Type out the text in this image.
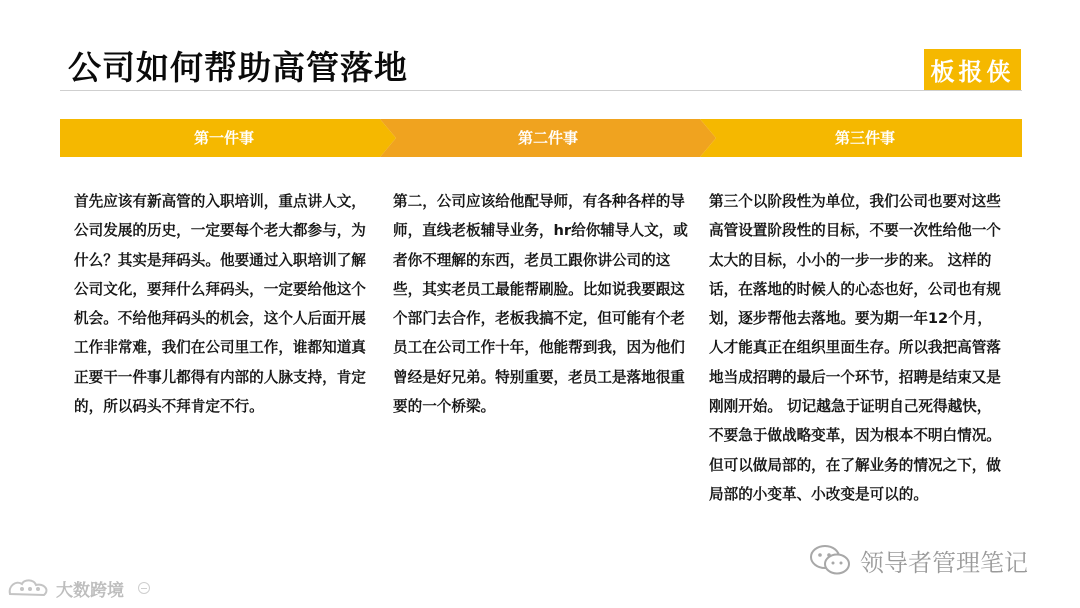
公司如何帮助高管落地	板报侠
第一件事	第二件事	第三件事
首先应该有新高管的入职培训，重点讲人文，公司发展的历史，一定要每个老大都参与，为什么？其实是拜码头。他要通过入职培训了解公司文化，要拜什么拜码头，一定要给他这个机会。不给他拜码头的机会，这个人后面开展工作非常难，我们在公司里工作，谁都知道真正要干一件事儿都得有内部的人脉支持，肯定的，所以码头不拜肯定不行。
第二，公司应该给他配导师，有各种各样的导师，直线老板辅导业务，hr给你辅导人文，或者你不理解的东西，老员工跟你讲公司的这些，其实老员工最能帮刷脸。比如说我要跟这个部门去合作，老板我搞不定，但可能有个老员工在公司工作十年，他能帮到我，因为他们曾经是好兄弟。特别重要，老员工是落地很重要的一个桥梁。
第三个以阶段性为单位，我们公司也要对这些高管设置阶段性的目标，不要一次性给他一个太大的目标，小小的一步一步的来。 这样的话，在落地的时候人的心态也好，公司也有规划，逐步帮他去落地。要为期一年12个月，人才能真正在组织里面生存。所以我把高管落地当成招聘的最后一个环节，招聘是结束又是刚刚开始。 切记越急于证明自己死得越快，不要急于做战略变革，因为根本不明白情况。但可以做局部的，在了解业务的情况之下，做局部的小变革、小改变是可以的。
领导者管理笔记
大数跨境
